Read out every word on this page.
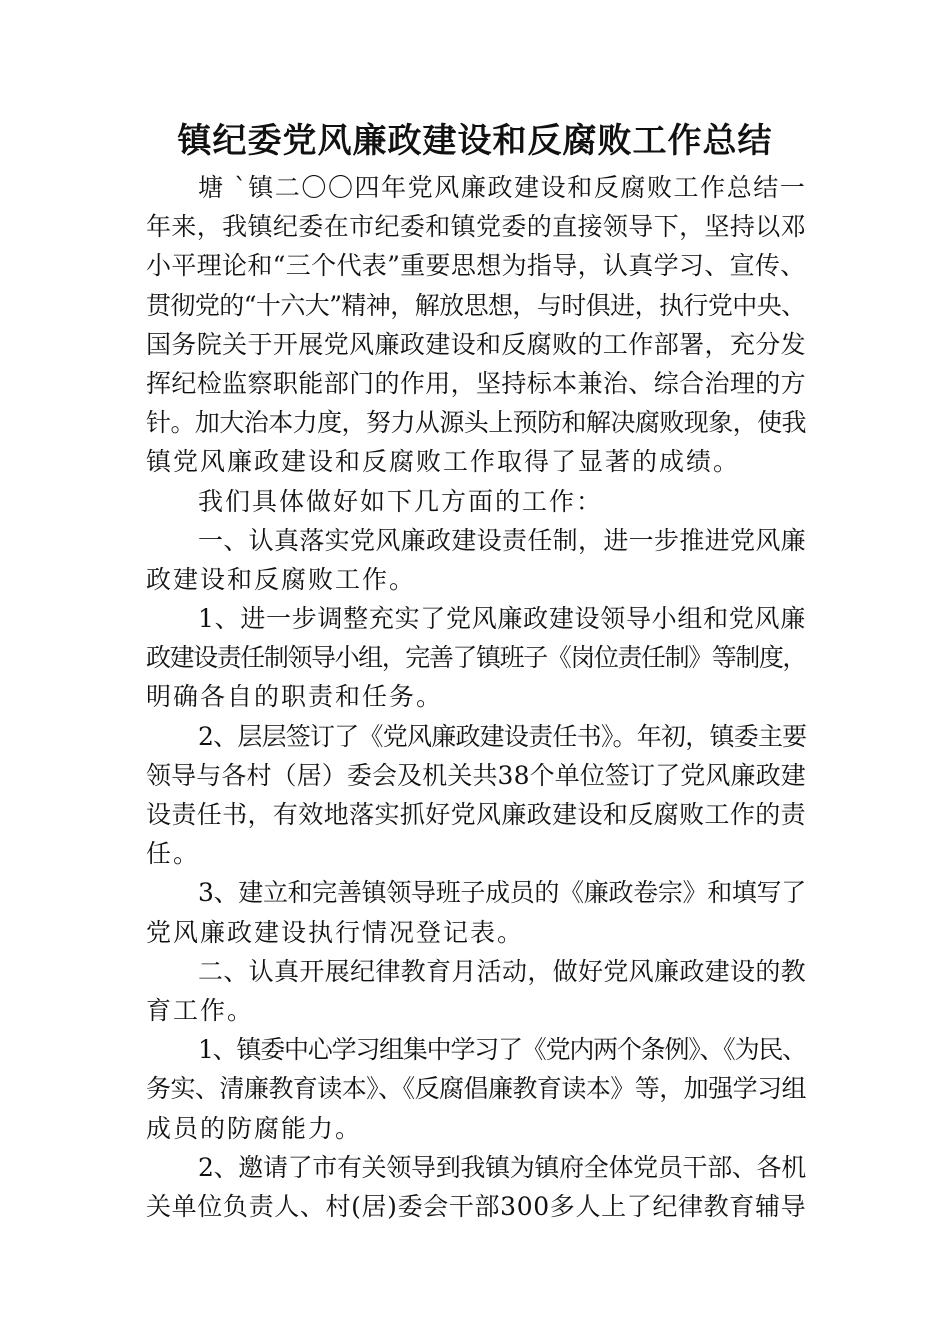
镇纪委党风廉政建设和反腐败工作总结

塘 `镇二〇〇四年党风廉政建设和反腐败工作总结一
年来，我镇纪委在市纪委和镇党委的直接领导下，坚持以邓
小平理论和“三个代表”重要思想为指导，认真学习、宣传、
贯彻党的“十六大”精神，解放思想，与时俱进，执行党中央、
国务院关于开展党风廉政建设和反腐败的工作部署，充分发
挥纪检监察职能部门的作用，坚持标本兼治、综合治理的方
针。加大治本力度，努力从源头上预防和解决腐败现象，使我
镇党风廉政建设和反腐败工作取得了显著的成绩。

我们具体做好如下几方面的工作：

一、认真落实党风廉政建设责任制，进一步推进党风廉
政建设和反腐败工作。

1、进一步调整充实了党风廉政建设领导小组和党风廉
政建设责任制领导小组，完善了镇班子《岗位责任制》等制度，
明确各自的职责和任务。

2、层层签订了《党风廉政建设责任书》。年初，镇委主要
领导与各村（居）委会及机关共38个单位签订了党风廉政建
设责任书，有效地落实抓好党风廉政建设和反腐败工作的责
任。

3、建立和完善镇领导班子成员的《廉政卷宗》和填写了
党风廉政建设执行情况登记表。

二、认真开展纪律教育月活动，做好党风廉政建设的教
育工作。

1、镇委中心学习组集中学习了《党内两个条例》、《为民、
务实、清廉教育读本》、《反腐倡廉教育读本》等，加强学习组
成员的防腐能力。

2、邀请了市有关领导到我镇为镇府全体党员干部、各机
关单位负责人、村(居)委会干部300多人上了纪律教育辅导
